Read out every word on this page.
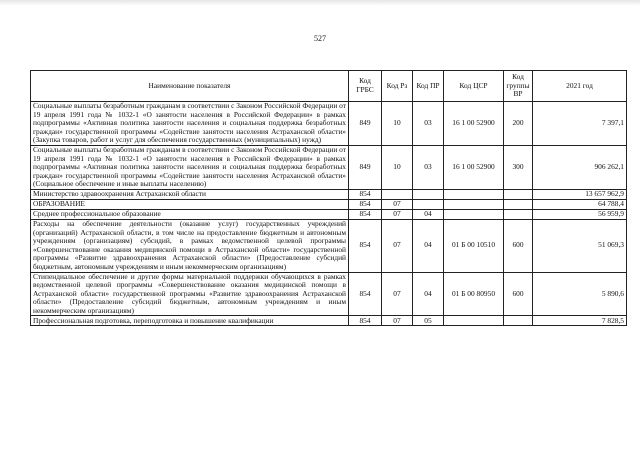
527
Наименование показателя	Код ГРБС	Код Рз	Код ПР	Код ЦСР	Код группы ВР	2021 год
Социальные выплаты безработным гражданам в соответствии с Законом Российской Федерации от 19 апреля 1991 года № 1032-1 «О занятости населения в Российской Федерации» в рамках подпрограммы «Активная политика занятости населения и социальная поддержка безработных граждан» государственной программы «Содействие занятости населения Астраханской области» (Закупка товаров, работ и услуг для обеспечения государственных (муниципальных) нужд)	849	10	03	16 1 00 52900	200	7 397,1
Социальные выплаты безработным гражданам в соответствии с Законом Российской Федерации от 19 апреля 1991 года № 1032-1 «О занятости населения в Российской Федерации» в рамках подпрограммы «Активная политика занятости населения и социальная поддержка безработных граждан» государственной программы «Содействие занятости населения Астраханской области» (Социальное обеспечение и иные выплаты населению)	849	10	03	16 1 00 52900	300	906 262,1
Министерство здравоохранения Астраханской области	854					13 657 962,9
ОБРАЗОВАНИЕ	854	07				64 788,4
Среднее профессиональное образование	854	07	04			56 959,9
Расходы на обеспечение деятельности (оказание услуг) государственных учреждений (организаций) Астраханской области, в том числе на предоставление бюджетным и автономным учреждениям (организациям) субсидий, в рамках ведомственной целевой программы «Совершенствование оказания медицинской помощи в Астраханской области» государственной программы «Развитие здравоохранения Астраханской области» (Предоставление субсидий бюджетным, автономным учреждениям и иным некоммерческим организациям)	854	07	04	01 Б 00 10510	600	51 069,3
Стипендиальное обеспечение и другие формы материальной поддержки обучающихся в рамках ведомственной целевой программы «Совершенствование оказания медицинской помощи в Астраханской области» государственной программы «Развитие здравоохранения Астраханской области» (Предоставление субсидий бюджетным, автономным учреждениям и иным некоммерческим организациям)	854	07	04	01 Б 00 80950	600	5 890,6
Профессиональная подготовка, переподготовка и повышение квалификации	854	07	05			7 828,5
